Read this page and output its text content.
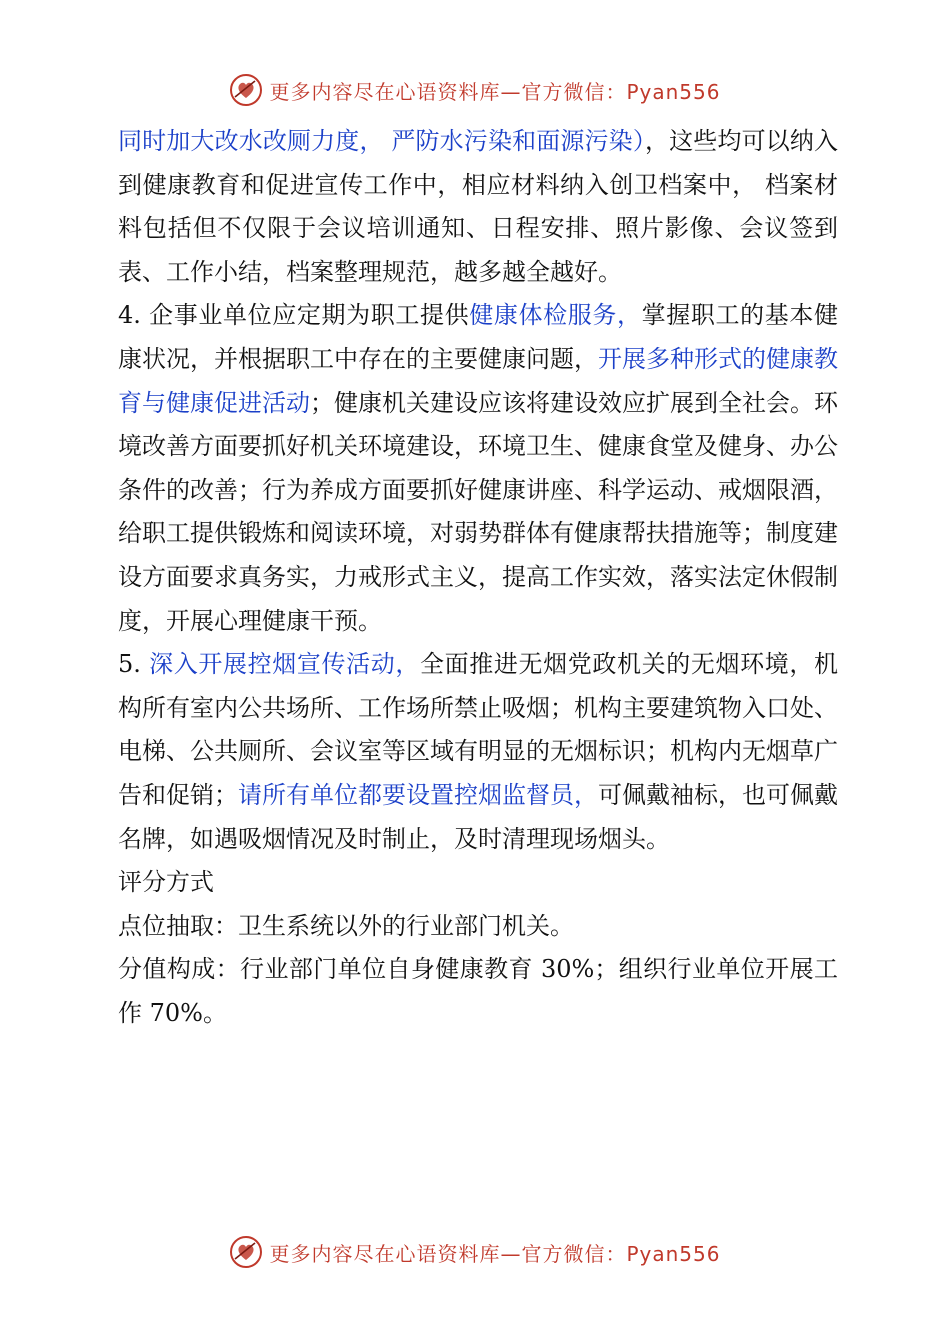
更多内容尽在心语资料库—官方微信：Pyan556

同时加大改水改厕力度， 严防水污染和面源污染），这些均可以纳入到健康教育和促进宣传工作中，相应材料纳入创卫档案中， 档案材料包括但不仅限于会议培训通知、日程安排、照片影像、会议签到表、工作小结，档案整理规范，越多越全越好。

4. 企事业单位应定期为职工提供健康体检服务，掌握职工的基本健康状况，并根据职工中存在的主要健康问题，开展多种形式的健康教育与健康促进活动；健康机关建设应该将建设效应扩展到全社会。环境改善方面要抓好机关环境建设，环境卫生、健康食堂及健身、办公条件的改善；行为养成方面要抓好健康讲座、科学运动、戒烟限酒，给职工提供锻炼和阅读环境，对弱势群体有健康帮扶措施等；制度建设方面要求真务实，力戒形式主义，提高工作实效，落实法定休假制度，开展心理健康干预。

5. 深入开展控烟宣传活动，全面推进无烟党政机关的无烟环境，机构所有室内公共场所、工作场所禁止吸烟；机构主要建筑物入口处、电梯、公共厕所、会议室等区域有明显的无烟标识；机构内无烟草广告和促销；请所有单位都要设置控烟监督员，可佩戴袖标，也可佩戴名牌，如遇吸烟情况及时制止，及时清理现场烟头。

评分方式

点位抽取：卫生系统以外的行业部门机关。

分值构成：行业部门单位自身健康教育 30%；组织行业单位开展工作 70%。

更多内容尽在心语资料库—官方微信：Pyan556
